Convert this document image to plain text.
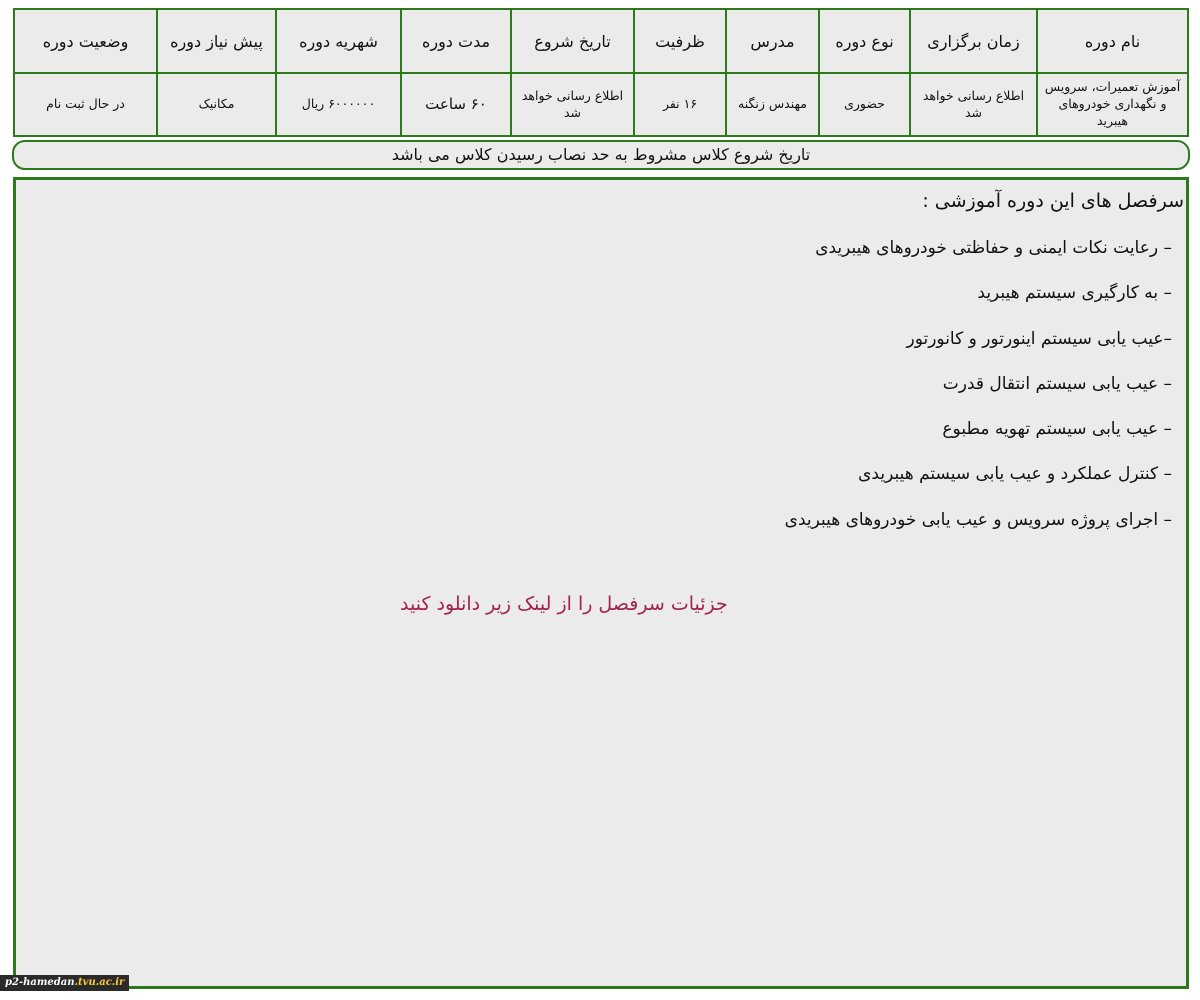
نام دوره	زمان برگزاری	نوع دوره	مدرس	ظرفیت	تاریخ شروع	مدت دوره	شهریه دوره	پیش نیاز دوره	وضعیت دوره
آموزش تعمیرات، سرویس و نگهداری خودروهای هیبرید	اطلاع رسانی خواهد شد	حضوری	مهندس زنگنه	۱۶ نفر	اطلاع رسانی خواهد شد	۶۰ ساعت	۶۰۰۰۰۰۰ ریال	مکانیک	در حال ثبت نام
تاریخ شروع کلاس مشروط به حد نصاب رسیدن کلاس می باشد
سرفصل های این دوره آموزشی :
– رعایت نکات ایمنی و حفاظتی خودروهای هیبریدی
– به کارگیری سیستم هیبرید
–عیب یابی سیستم اینورتور و کانورتور
– عیب یابی سیستم انتقال قدرت
– عیب یابی سیستم تهویه مطبوع
– کنترل عملکرد و عیب یابی سیستم هیبریدی
– اجرای پروژه سرویس و عیب یابی خودروهای هیبریدی
جزئیات سرفصل را از لینک زیر دانلود کنید
p2-hamedan.tvu.ac.ir
